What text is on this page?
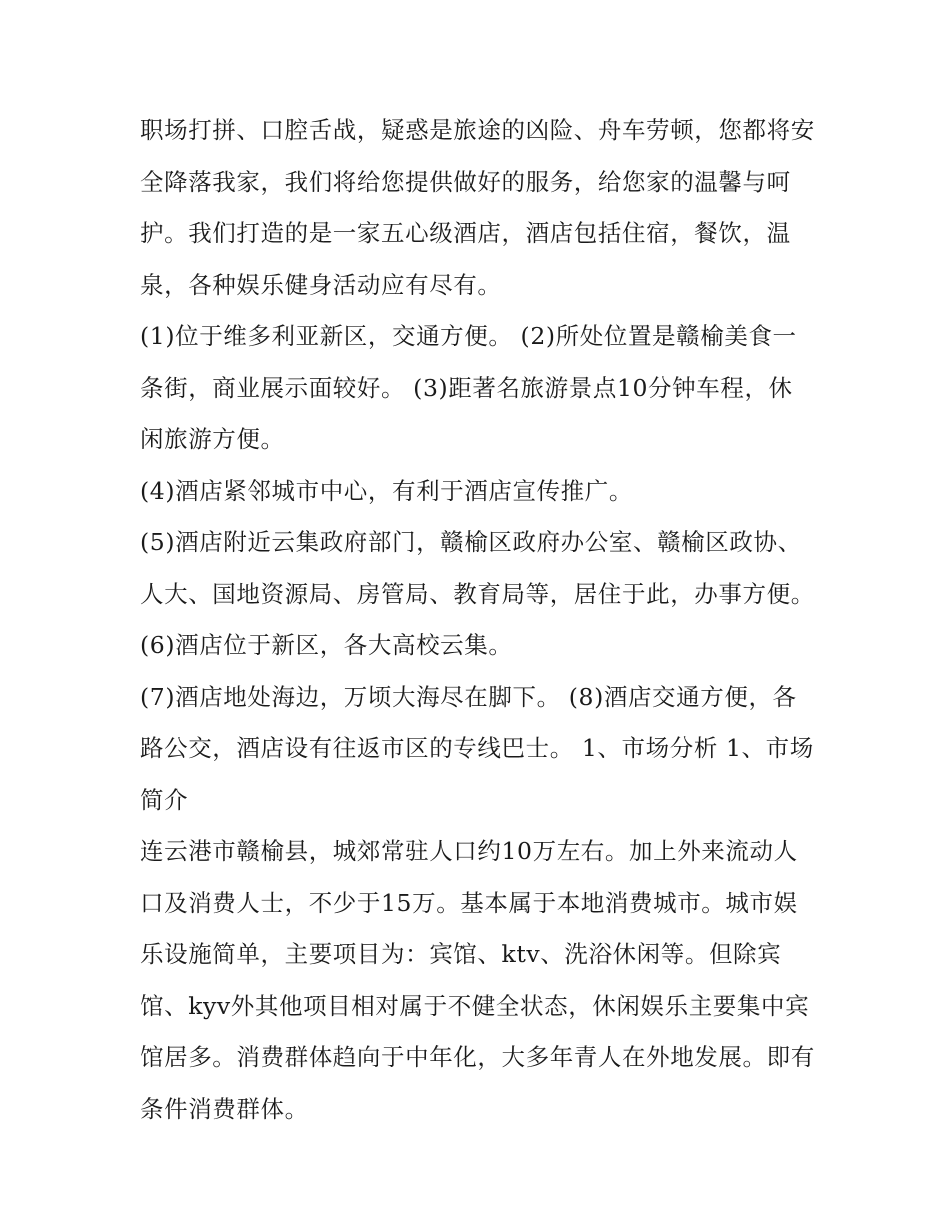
职场打拼、口腔舌战，疑惑是旅途的凶险、舟车劳顿，您都将安全降落我家，我们将给您提供做好的服务，给您家的温馨与呵护。我们打造的是一家五心级酒店，酒店包括住宿，餐饮，温泉，各种娱乐健身活动应有尽有。

(1)位于维多利亚新区，交通方便。 (2)所处位置是赣榆美食一条街，商业展示面较好。 (3)距著名旅游景点10分钟车程，休闲旅游方便。

(4)酒店紧邻城市中心，有利于酒店宣传推广。

(5)酒店附近云集政府部门，赣榆区政府办公室、赣榆区政协、人大、国地资源局、房管局、教育局等，居住于此，办事方便。 (6)酒店位于新区，各大高校云集。

(7)酒店地处海边，万顷大海尽在脚下。 (8)酒店交通方便，各路公交，酒店设有往返市区的专线巴士。 1、市场分析 1、市场简介

连云港市赣榆县，城郊常驻人口约10万左右。加上外来流动人口及消费人士，不少于15万。基本属于本地消费城市。城市娱乐设施简单，主要项目为：宾馆、ktv、洗浴休闲等。但除宾馆、kyv外其他项目相对属于不健全状态，休闲娱乐主要集中宾馆居多。消费群体趋向于中年化，大多年青人在外地发展。即有条件消费群体。
